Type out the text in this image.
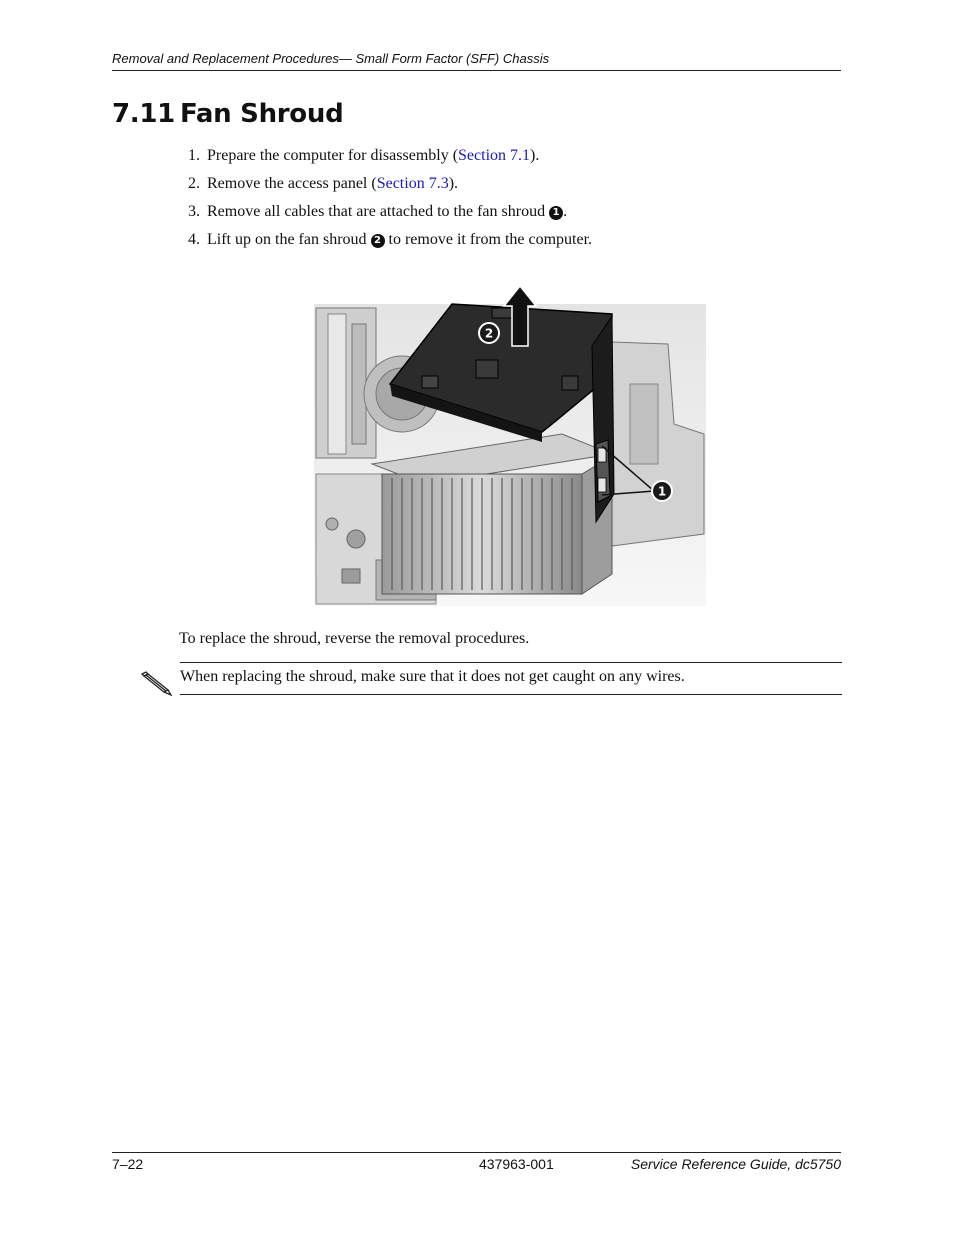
Removal and Replacement Procedures— Small Form Factor (SFF) Chassis
7.11 Fan Shroud
1. Prepare the computer for disassembly (Section 7.1).
2. Remove the access panel (Section 7.3).
3. Remove all cables that are attached to the fan shroud 1 .
4. Lift up on the fan shroud 2 to remove it from the computer.
2
1
To replace the shroud, reverse the removal procedures.
When replacing the shroud, make sure that it does not get caught on any wires.
7–22	437963-001	Service Reference Guide, dc5750
